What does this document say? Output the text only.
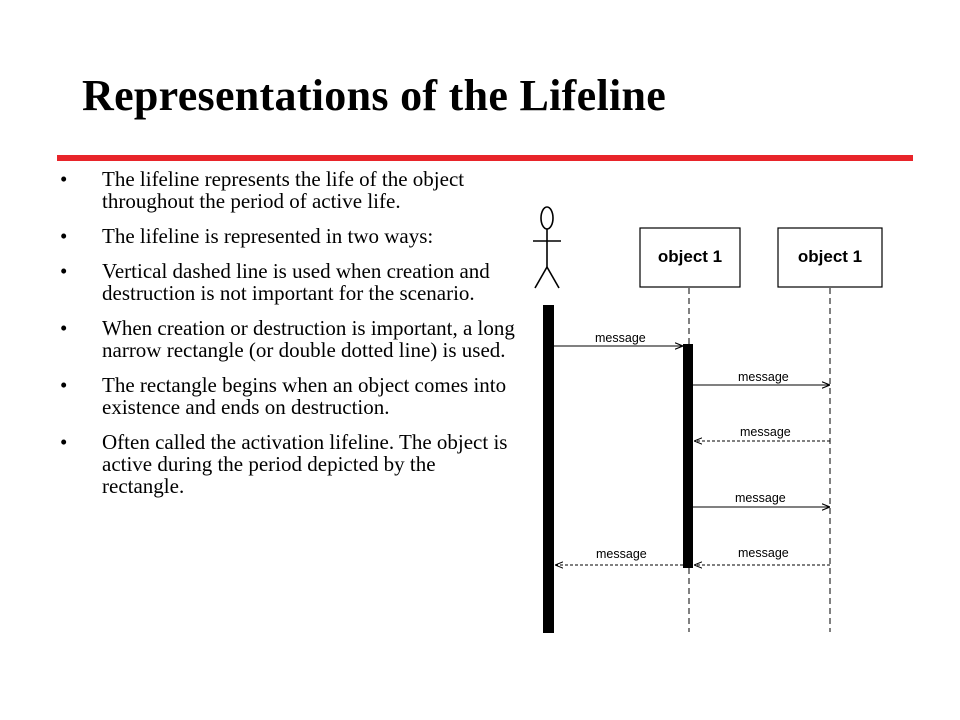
Representations of the Lifeline
• The lifeline represents the life of the object throughout the period of active life.
• The lifeline is represented in two ways:
• Vertical dashed line is used when creation and destruction is not important for the scenario.
• When creation or destruction is important, a long narrow rectangle (or double dotted line) is used.
• The rectangle begins when an object comes into existence and ends on destruction.
• Often called the activation lifeline. The object is active during the period depicted by the rectangle.
object 1	object 1
message
message
message
message
message	message
